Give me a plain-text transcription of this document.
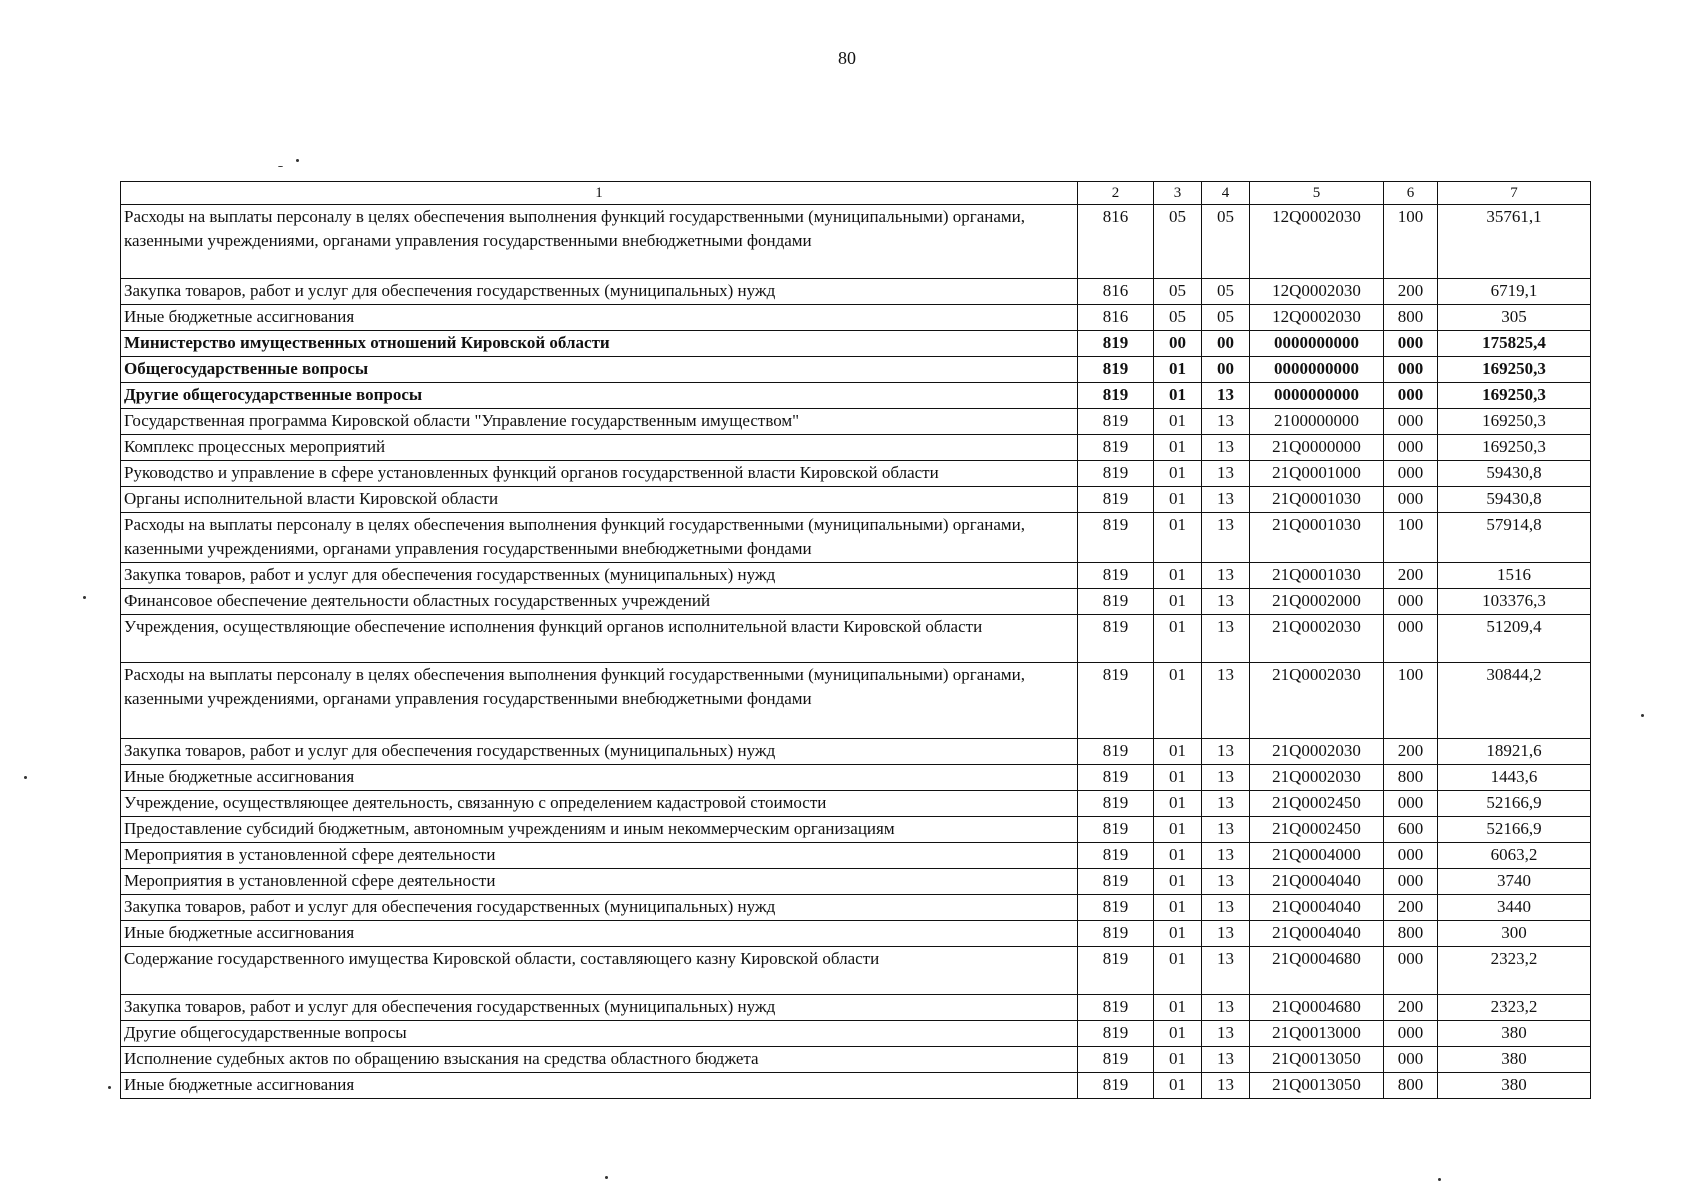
80
1	2	3	4	5	6	7
Расходы на выплаты персоналу в целях обеспечения выполнения функций государственными (муниципальными) органами, казенными учреждениями, органами управления государственными внебюджетными фондами	816	05	05	12Q0002030	100	35761,1
Закупка товаров, работ и услуг для обеспечения государственных (муниципальных) нужд	816	05	05	12Q0002030	200	6719,1
Иные бюджетные ассигнования	816	05	05	12Q0002030	800	305
Министерство имущественных отношений Кировской области	819	00	00	0000000000	000	175825,4
Общегосударственные вопросы	819	01	00	0000000000	000	169250,3
Другие общегосударственные вопросы	819	01	13	0000000000	000	169250,3
Государственная программа Кировской области "Управление государственным имуществом"	819	01	13	2100000000	000	169250,3
Комплекс процессных мероприятий	819	01	13	21Q0000000	000	169250,3
Руководство и управление в сфере установленных функций органов государственной власти Кировской области	819	01	13	21Q0001000	000	59430,8
Органы исполнительной власти Кировской области	819	01	13	21Q0001030	000	59430,8
Расходы на выплаты персоналу в целях обеспечения выполнения функций государственными (муниципальными) органами, казенными учреждениями, органами управления государственными внебюджетными фондами	819	01	13	21Q0001030	100	57914,8
Закупка товаров, работ и услуг для обеспечения государственных (муниципальных) нужд	819	01	13	21Q0001030	200	1516
Финансовое обеспечение деятельности областных государственных учреждений	819	01	13	21Q0002000	000	103376,3
Учреждения, осуществляющие обеспечение исполнения функций органов исполнительной власти Кировской области	819	01	13	21Q0002030	000	51209,4
Расходы на выплаты персоналу в целях обеспечения выполнения функций государственными (муниципальными) органами, казенными учреждениями, органами управления государственными внебюджетными фондами	819	01	13	21Q0002030	100	30844,2
Закупка товаров, работ и услуг для обеспечения государственных (муниципальных) нужд	819	01	13	21Q0002030	200	18921,6
Иные бюджетные ассигнования	819	01	13	21Q0002030	800	1443,6
Учреждение, осуществляющее деятельность, связанную с определением кадастровой стоимости	819	01	13	21Q0002450	000	52166,9
Предоставление субсидий бюджетным, автономным учреждениям и иным некоммерческим организациям	819	01	13	21Q0002450	600	52166,9
Мероприятия в установленной сфере деятельности	819	01	13	21Q0004000	000	6063,2
Мероприятия в установленной сфере деятельности	819	01	13	21Q0004040	000	3740
Закупка товаров, работ и услуг для обеспечения государственных (муниципальных) нужд	819	01	13	21Q0004040	200	3440
Иные бюджетные ассигнования	819	01	13	21Q0004040	800	300
Содержание государственного имущества Кировской области, составляющего казну Кировской области	819	01	13	21Q0004680	000	2323,2
Закупка товаров, работ и услуг для обеспечения государственных (муниципальных) нужд	819	01	13	21Q0004680	200	2323,2
Другие общегосударственные вопросы	819	01	13	21Q0013000	000	380
Исполнение судебных актов по обращению взыскания на средства областного бюджета	819	01	13	21Q0013050	000	380
Иные бюджетные ассигнования	819	01	13	21Q0013050	800	380
